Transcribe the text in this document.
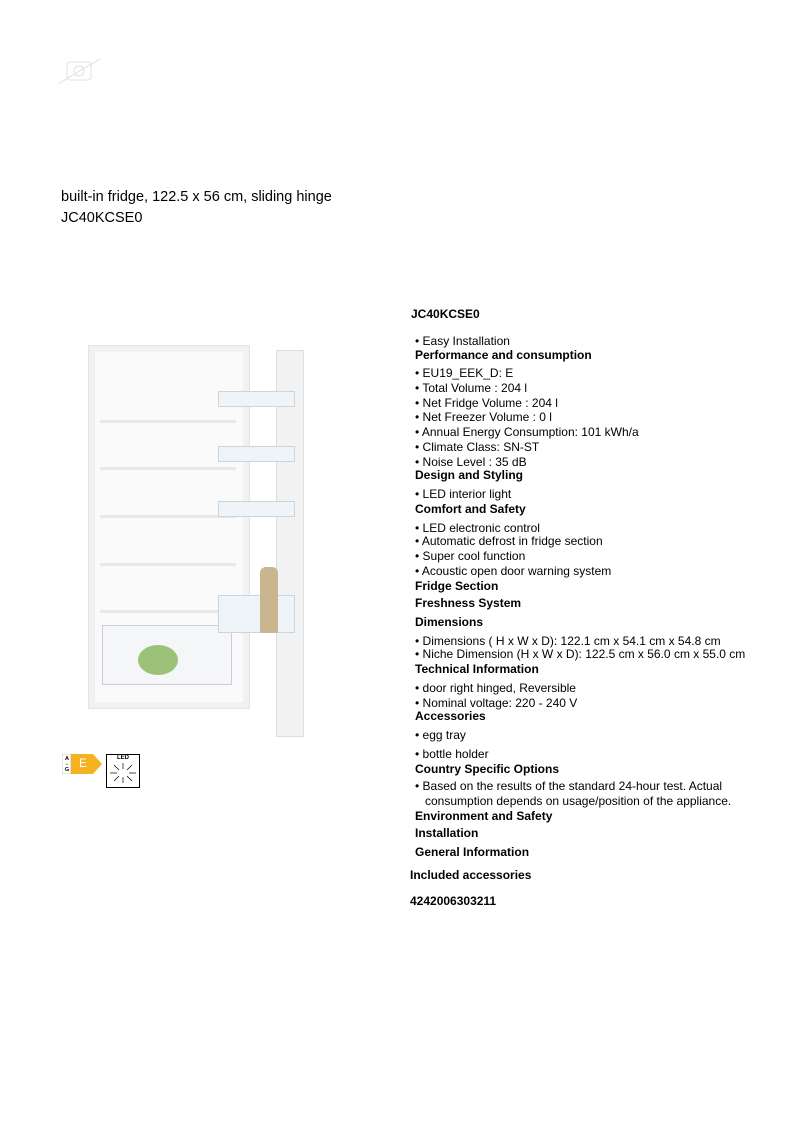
built-in fridge, 122.5 x 56 cm, sliding hinge
JC40KCSE0
A-G E	LED
JC40KCSE0
• Easy Installation
Performance and consumption
• EU19_EEK_D: E
• Total Volume : 204 l
• Net Fridge Volume : 204 l
• Net Freezer Volume : 0 l
• Annual Energy Consumption: 101 kWh/a
• Climate Class: SN-ST
• Noise Level : 35 dB
Design and Styling
• LED interior light
Comfort and Safety
• LED electronic control
• Automatic defrost in fridge section
• Super cool function
• Acoustic open door warning system
Fridge Section
Freshness System
Dimensions
• Dimensions ( H x W x D): 122.1 cm x 54.1 cm x 54.8 cm
• Niche Dimension (H x W x D): 122.5 cm x 56.0 cm x 55.0 cm
Technical Information
• door right hinged, Reversible
• Nominal voltage: 220 - 240 V
Accessories
• egg tray
• bottle holder
Country Specific Options
• Based on the results of the standard 24-hour test. Actual
consumption depends on usage/position of the appliance.
Environment and Safety
Installation
General Information
Included accessories
4242006303211
